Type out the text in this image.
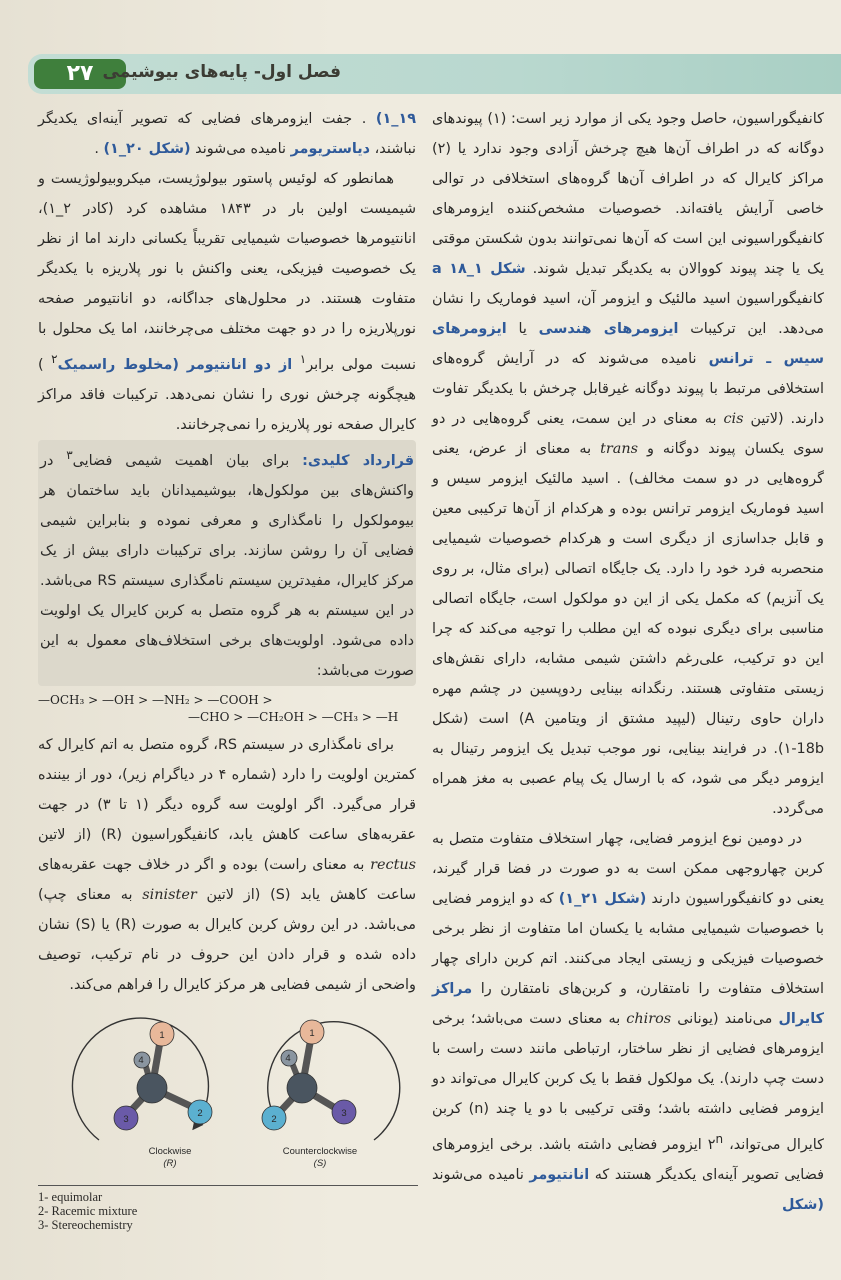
۲۷ فصل اول- پایه‌های بیوشیمی

کانفیگوراسیون، حاصل وجود یکی از موارد زیر است: (۱) پیوندهای دوگانه که در اطراف آن‌ها هیچ چرخش آزادی وجود ندارد یا (۲) مراکز کایرال که در اطراف آن‌ها گروه‌های استخلافی در توالی خاصی آرایش یافته‌اند. خصوصیات مشخص‌کننده ایزومرهای کانفیگوراسیونی این است که آن‌ها نمی‌توانند بدون شکستن موقتی یک یا چند پیوند کووالان به یکدیگر تبدیل شوند. شکل a ۱۸_۱ کانفیگوراسیون اسید مالئیک و ایزومر آن، اسید فوماریک را نشان می‌دهد. این ترکیبات ایزومرهای هندسی یا ایزومرهای سیس ـ ترانس نامیده می‌شوند که در آرایش گروه‌های استخلافی مرتبط با پیوند دوگانه غیرقابل چرخش با یکدیگر تفاوت دارند. (لاتین cis به معنای در این سمت، یعنی گروه‌هایی در دو سوی یکسان پیوند دوگانه و trans به معنای از عرض، یعنی گروه‌هایی در دو سمت مخالف) . اسید مالئیک ایزومر سیس و اسید فوماریک ایزومر ترانس بوده و هرکدام از آن‌ها ترکیبی معین و قابل جداسازی از دیگری است و هرکدام خصوصیات شیمیایی منحصربه فرد خود را دارد. یک جایگاه اتصالی (برای مثال، بر روی یک آنزیم) که مکمل یکی از این دو مولکول است، جایگاه اتصالی مناسبی برای دیگری نبوده که این مطلب را توجیه می‌کند که چرا این دو ترکیب، علی‌رغم داشتن شیمی مشابه، دارای نقش‌های زیستی متفاوتی هستند. رنگدانه بینایی ردوپسین در چشم مهره داران حاوی رتینال (لیپید مشتق از ویتامین A) است (شکل 18b‏‏‏-۱). در فرایند بینایی، نور موجب تبدیل یک ایزومر رتینال به ایزومر دیگر می شود، که با ارسال یک پیام عصبی به مغز همراه می‌گردد.

در دومین نوع ایزومر فضایی، چهار استخلاف متفاوت متصل به کربن چهاروجهی ممکن است به دو صورت در فضا قرار گیرند، یعنی دو کانفیگوراسیون دارند (شکل ۲۱_۱) که دو ایزومر فضایی با خصوصیات شیمیایی مشابه یا یکسان اما متفاوت از نظر برخی خصوصیات فیزیکی و زیستی ایجاد می‌کنند. اتم کربن دارای چهار استخلاف متفاوت را نامتقارن، و کربن‌های نامتقارن را مراکز کایرال می‌نامند (یونانی chiros به معنای دست می‌باشد؛ برخی ایزومرهای فضایی از نظر ساختار، ارتباطی مانند دست راست با دست چپ دارند). یک مولکول فقط با یک کربن کایرال می‌تواند دو ایزومر فضایی داشته باشد؛ وقتی ترکیبی با دو یا چند (n) کربن کایرال می‌تواند، ۲$^n$ ایزومر فضایی داشته باشد. برخی ایزومرهای فضایی تصویر آینه‌ای یکدیگر هستند که انانتیومر نامیده می‌شوند (شکل

۱۹_۱) . جفت ایزومرهای فضایی که تصویر آینه‌ای یکدیگر نباشند، دیاستریومر نامیده می‌شوند (شکل ۲۰_۱) .

همانطور که لوئیس پاستور بیولوژیست، میکروبیولوژیست و شیمیست اولین بار در ۱۸۴۳ مشاهده کرد (کادر ۲_۱)، انانتیومرها خصوصیات شیمیایی تقریباً یکسانی دارند اما از نظر یک خصوصیت فیزیکی، یعنی واکنش با نور پلاریزه با یکدیگر متفاوت هستند. در محلول‌های جداگانه، دو انانتیومر صفحه نورپلاریزه را در دو جهت مختلف می‌چرخانند، اما یک محلول با نسبت مولی برابر$^۱$ از دو انانتیومر (مخلوط راسمیک$^۲$ ) هیچگونه چرخش نوری را نشان نمی‌دهد. ترکیبات فاقد مراکز کایرال صفحه نور پلاریزه را نمی‌چرخانند.

قرارداد کلیدی: برای بیان اهمیت شیمی فضایی$^۳$ در واکنش‌های بین مولکول‌ها، بیوشیمیدانان باید ساختمان هر بیومولکول را نامگذاری و معرفی نموده و بنابراین شیمی فضایی آن را روشن سازند. برای ترکیبات دارای بیش از یک مرکز کایرال، مفیدترین سیستم نامگذاری سیستم RS می‌باشد. در این سیستم به هر گروه متصل به کربن کایرال یک اولویت داده می‌شود. اولویت‌های برخی استخلاف‌های معمول به این صورت می‌باشد:

—OCH₃ > —OH > —NH₂ > —COOH >
—CHO > —CH₂OH > —CH₃ > —H

برای نامگذاری در سیستم RS، گروه متصل به اتم کایرال که کمترین اولویت را دارد (شماره ۴ در دیاگرام زیر)، دور از بیننده قرار می‌گیرد. اگر اولویت سه گروه دیگر (۱ تا ۳) در جهت عقربه‌های ساعت کاهش یابد، کانفیگوراسیون (R) (از لاتین rectus به معنای راست) بوده و اگر در خلاف جهت عقربه‌های ساعت کاهش یابد (S) (از لاتین sinister به معنای چپ) می‌باشد. در این روش کربن کایرال به صورت (R) یا (S) نشان داده شده و قرار دادن این حروف در نام ترکیب، توصیف واضحی از شیمی فضایی هر مرکز کایرال را فراهم می‌کند.

1
2
3
4
Clockwise
(R)
1
2
3
4
Counterclockwise
(S)
1- equimolar
2- Racemic mixture
3- Stereochemistry
